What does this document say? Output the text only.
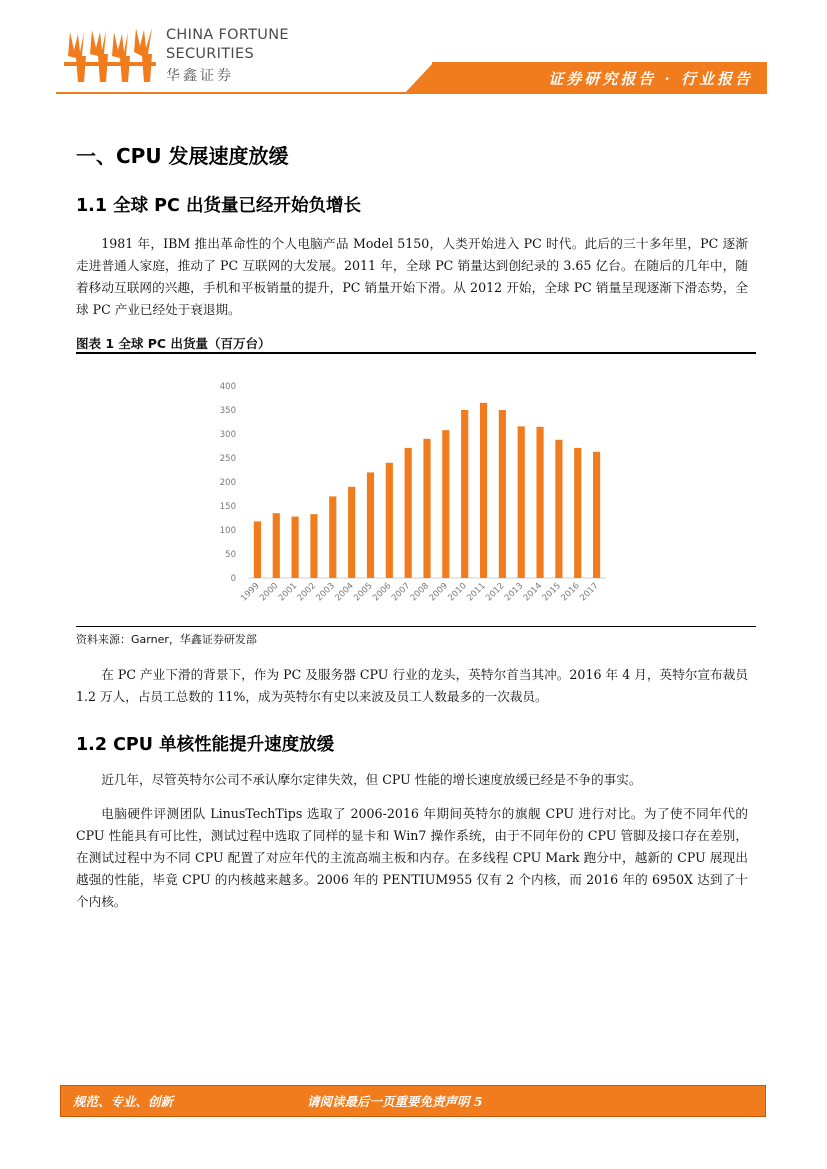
CHINA FORTUNE
SECURITIES
华鑫证券	证券研究报告 · 行业报告
一、CPU 发展速度放缓
1.1 全球 PC 出货量已经开始负增长

1981 年，IBM 推出革命性的个人电脑产品 Model 5150，人类开始进入 PC 时代。此后的三十多年里，PC 逐渐走进普通人家庭，推动了 PC 互联网的大发展。2011 年，全球 PC 销量达到创纪录的 3.65 亿台。在随后的几年中，随着移动互联网的兴趣，手机和平板销量的提升，PC 销量开始下滑。从 2012 开始，全球 PC 销量呈现逐渐下滑态势，全球 PC 产业已经处于衰退期。

图表 1 全球 PC 出货量（百万台）
0
50
100
150
200
250
300
350
400
1999
2000
2001
2002
2003
2004
2005
2006
2007
2008
2009
2010
2011
2012
2013
2014
2015
2016
2017
资料来源：Garner，华鑫证券研发部

在 PC 产业下滑的背景下，作为 PC 及服务器 CPU 行业的龙头，英特尔首当其冲。2016 年 4 月，英特尔宣布裁员 1.2 万人，占员工总数的 11%，成为英特尔有史以来波及员工人数最多的一次裁员。

1.2 CPU 单核性能提升速度放缓

近几年，尽管英特尔公司不承认摩尔定律失效，但 CPU 性能的增长速度放缓已经是不争的事实。

电脑硬件评测团队 LinusTechTips 选取了 2006-2016 年期间英特尔的旗舰 CPU 进行对比。为了使不同年代的 CPU 性能具有可比性，测试过程中选取了同样的显卡和 Win7 操作系统，由于不同年份的 CPU 管脚及接口存在差别，在测试过程中为不同 CPU 配置了对应年代的主流高端主板和内存。在多线程 CPU Mark 跑分中，越新的 CPU 展现出越强的性能，毕竟 CPU 的内核越来越多。2006 年的 PENTIUM955 仅有 2 个内核，而 2016 年的 6950X 达到了十个内核。

规范、专业、创新	请阅读最后一页重要免责声明 5
